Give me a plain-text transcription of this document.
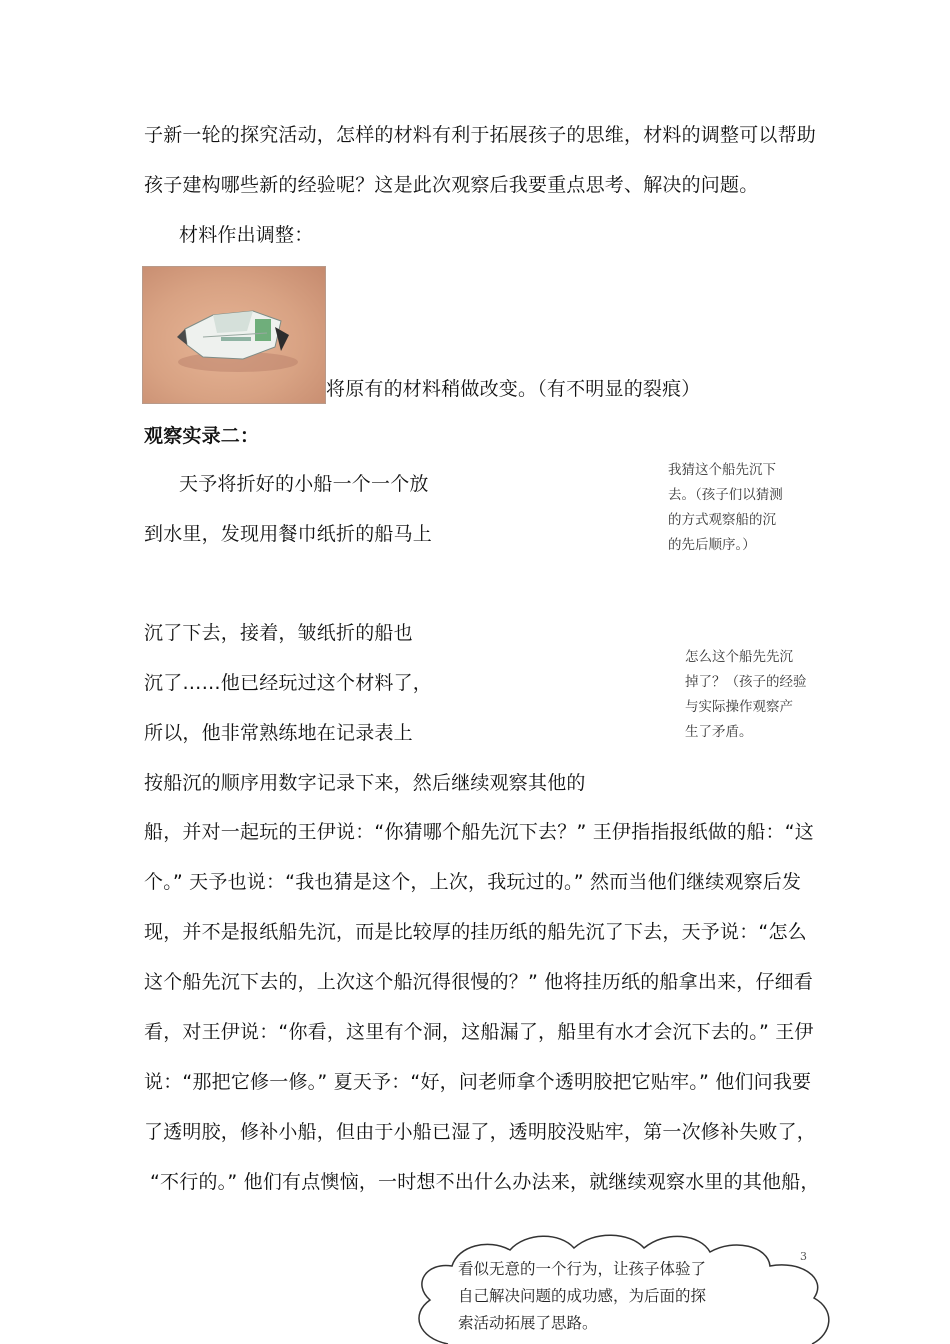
子新一轮的探究活动，怎样的材料有利于拓展孩子的思维，材料的调整可以帮助
孩子建构哪些新的经验呢？这是此次观察后我要重点思考、解决的问题。
材料作出调整：
将原有的材料稍做改变。（有不明显的裂痕）
观察实录二：
天予将折好的小船一个一个放
到水里，发现用餐巾纸折的船马上
沉了下去，接着，皱纸折的船也
沉了……他已经玩过这个材料了，
所以，他非常熟练地在记录表上
按船沉的顺序用数字记录下来，然后继续观察其他的
船，并对一起玩的王伊说：“你猜哪个船先沉下去？” 王伊指指报纸做的船：“这
个。” 天予也说：“我也猜是这个，上次，我玩过的。” 然而当他们继续观察后发
现，并不是报纸船先沉，而是比较厚的挂历纸的船先沉了下去，天予说：“怎么
这个船先沉下去的，上次这个船沉得很慢的？” 他将挂历纸的船拿出来，仔细看
看，对王伊说：“你看，这里有个洞，这船漏了，船里有水才会沉下去的。” 王伊
说：“那把它修一修。” 夏天予：“好，问老师拿个透明胶把它贴牢。” 他们问我要
了透明胶，修补小船，但由于小船已湿了，透明胶没贴牢，第一次修补失败了，
“不行的。” 他们有点懊恼，一时想不出什么办法来，就继续观察水里的其他船，
我猜这个船先沉下
去。（孩子们以猜测
的方式观察船的沉
的先后顺序。）
怎么这个船先先沉
掉了？（孩子的经验
与实际操作观察产
生了矛盾。
看似无意的一个行为，让孩子体验了
自己解决问题的成功感，为后面的探
索活动拓展了思路。
3
